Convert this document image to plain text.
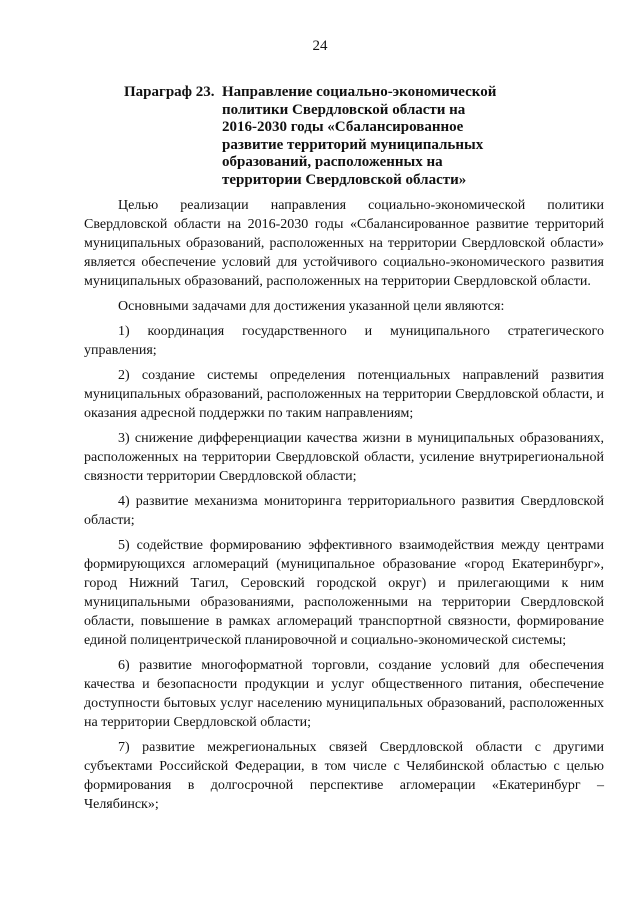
24
Параграф 23. Направление социально-экономической
политики Свердловской области на
2016-2030 годы «Сбалансированное
развитие территорий муниципальных
образований, расположенных на
территории Свердловской области»

Целью реализации направления социально-экономической политики Свердловской области на 2016-2030 годы «Сбалансированное развитие территорий муниципальных образований, расположенных на территории Свердловской области» является обеспечение условий для устойчивого социально-экономического развития муниципальных образований, расположенных на территории Свердловской области.

Основными задачами для достижения указанной цели являются:

1) координация государственного и муниципального стратегического управления;

2) создание системы определения потенциальных направлений развития муниципальных образований, расположенных на территории Свердловской области, и оказания адресной поддержки по таким направлениям;

3) снижение дифференциации качества жизни в муниципальных образованиях, расположенных на территории Свердловской области, усиление внутрирегиональной связности территории Свердловской области;

4) развитие механизма мониторинга территориального развития Свердловской области;

5) содействие формированию эффективного взаимодействия между центрами формирующихся агломераций (муниципальное образование «город Екатеринбург», город Нижний Тагил, Серовский городской округ) и прилегающими к ним муниципальными образованиями, расположенными на территории Свердловской области, повышение в рамках агломераций транспортной связности, формирование единой полицентрической планировочной и социально-экономической системы;

6) развитие многоформатной торговли, создание условий для обеспечения качества и безопасности продукции и услуг общественного питания, обеспечение доступности бытовых услуг населению муниципальных образований, расположенных на территории Свердловской области;

7) развитие межрегиональных связей Свердловской области с другими субъектами Российской Федерации, в том числе с Челябинской областью с целью формирования в долгосрочной перспективе агломерации «Екатеринбург – Челябинск»;
